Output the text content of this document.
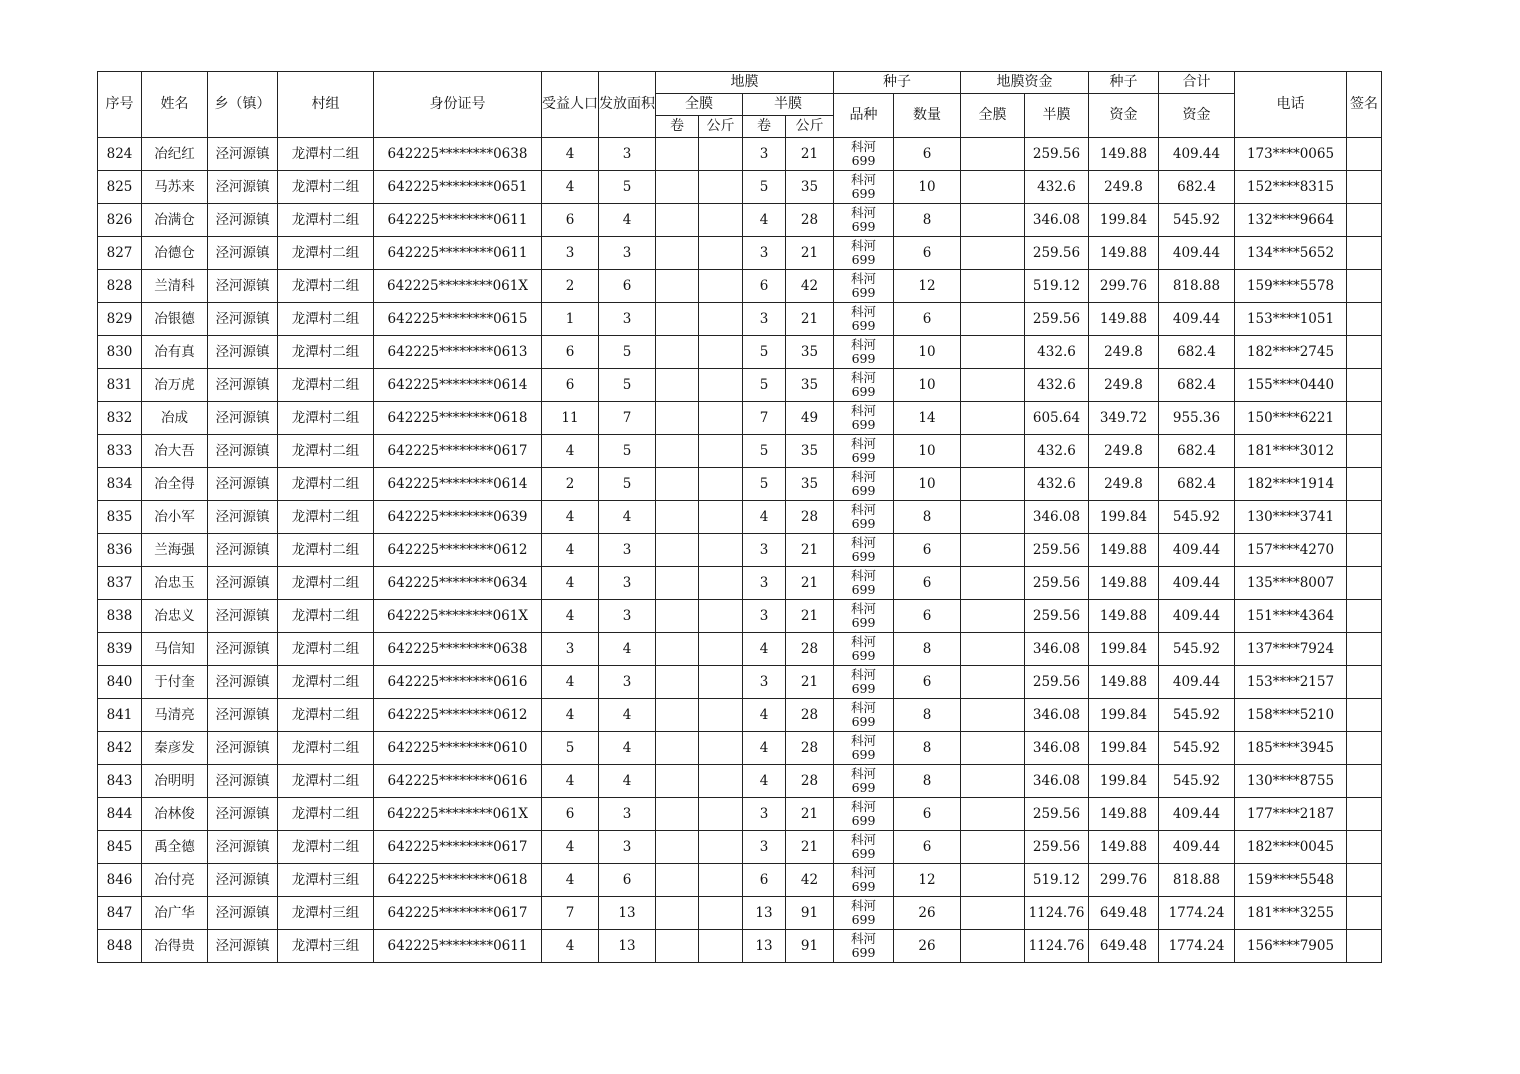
序号	姓名	乡（镇）	村组	身份证号	受益人口	发放面积	地膜				种子		地膜资金		种子	合计	电话	签名
							全膜		半膜		品种	数量	全膜	半膜	资金	资金		
							卷	公斤	卷	公斤								
824	冶纪红	泾河源镇	龙潭村二组	642225********0638	4	3			3	21	科河699	6		259.56	149.88	409.44	173****0065	
825	马苏来	泾河源镇	龙潭村二组	642225********0651	4	5			5	35	科河699	10		432.6	249.8	682.4	152****8315	
826	冶满仓	泾河源镇	龙潭村二组	642225********0611	6	4			4	28	科河699	8		346.08	199.84	545.92	132****9664	
827	冶德仓	泾河源镇	龙潭村二组	642225********0611	3	3			3	21	科河699	6		259.56	149.88	409.44	134****5652	
828	兰清科	泾河源镇	龙潭村二组	642225********061X	2	6			6	42	科河699	12		519.12	299.76	818.88	159****5578	
829	冶银德	泾河源镇	龙潭村二组	642225********0615	1	3			3	21	科河699	6		259.56	149.88	409.44	153****1051	
830	冶有真	泾河源镇	龙潭村二组	642225********0613	6	5			5	35	科河699	10		432.6	249.8	682.4	182****2745	
831	冶万虎	泾河源镇	龙潭村二组	642225********0614	6	5			5	35	科河699	10		432.6	249.8	682.4	155****0440	
832	冶成	泾河源镇	龙潭村二组	642225********0618	11	7			7	49	科河699	14		605.64	349.72	955.36	150****6221	
833	冶大吾	泾河源镇	龙潭村二组	642225********0617	4	5			5	35	科河699	10		432.6	249.8	682.4	181****3012	
834	冶全得	泾河源镇	龙潭村二组	642225********0614	2	5			5	35	科河699	10		432.6	249.8	682.4	182****1914	
835	冶小军	泾河源镇	龙潭村二组	642225********0639	4	4			4	28	科河699	8		346.08	199.84	545.92	130****3741	
836	兰海强	泾河源镇	龙潭村二组	642225********0612	4	3			3	21	科河699	6		259.56	149.88	409.44	157****4270	
837	冶忠玉	泾河源镇	龙潭村二组	642225********0634	4	3			3	21	科河699	6		259.56	149.88	409.44	135****8007	
838	冶忠义	泾河源镇	龙潭村二组	642225********061X	4	3			3	21	科河699	6		259.56	149.88	409.44	151****4364	
839	马信知	泾河源镇	龙潭村二组	642225********0638	3	4			4	28	科河699	8		346.08	199.84	545.92	137****7924	
840	于付奎	泾河源镇	龙潭村二组	642225********0616	4	3			3	21	科河699	6		259.56	149.88	409.44	153****2157	
841	马清亮	泾河源镇	龙潭村二组	642225********0612	4	4			4	28	科河699	8		346.08	199.84	545.92	158****5210	
842	秦彦发	泾河源镇	龙潭村二组	642225********0610	5	4			4	28	科河699	8		346.08	199.84	545.92	185****3945	
843	冶明明	泾河源镇	龙潭村二组	642225********0616	4	4			4	28	科河699	8		346.08	199.84	545.92	130****8755	
844	冶林俊	泾河源镇	龙潭村二组	642225********061X	6	3			3	21	科河699	6		259.56	149.88	409.44	177****2187	
845	禹全德	泾河源镇	龙潭村二组	642225********0617	4	3			3	21	科河699	6		259.56	149.88	409.44	182****0045	
846	冶付亮	泾河源镇	龙潭村三组	642225********0618	4	6			6	42	科河699	12		519.12	299.76	818.88	159****5548	
847	冶广华	泾河源镇	龙潭村三组	642225********0617	7	13			13	91	科河699	26		1124.76	649.48	1774.24	181****3255	
848	冶得贵	泾河源镇	龙潭村三组	642225********0611	4	13			13	91	科河699	26		1124.76	649.48	1774.24	156****7905	
